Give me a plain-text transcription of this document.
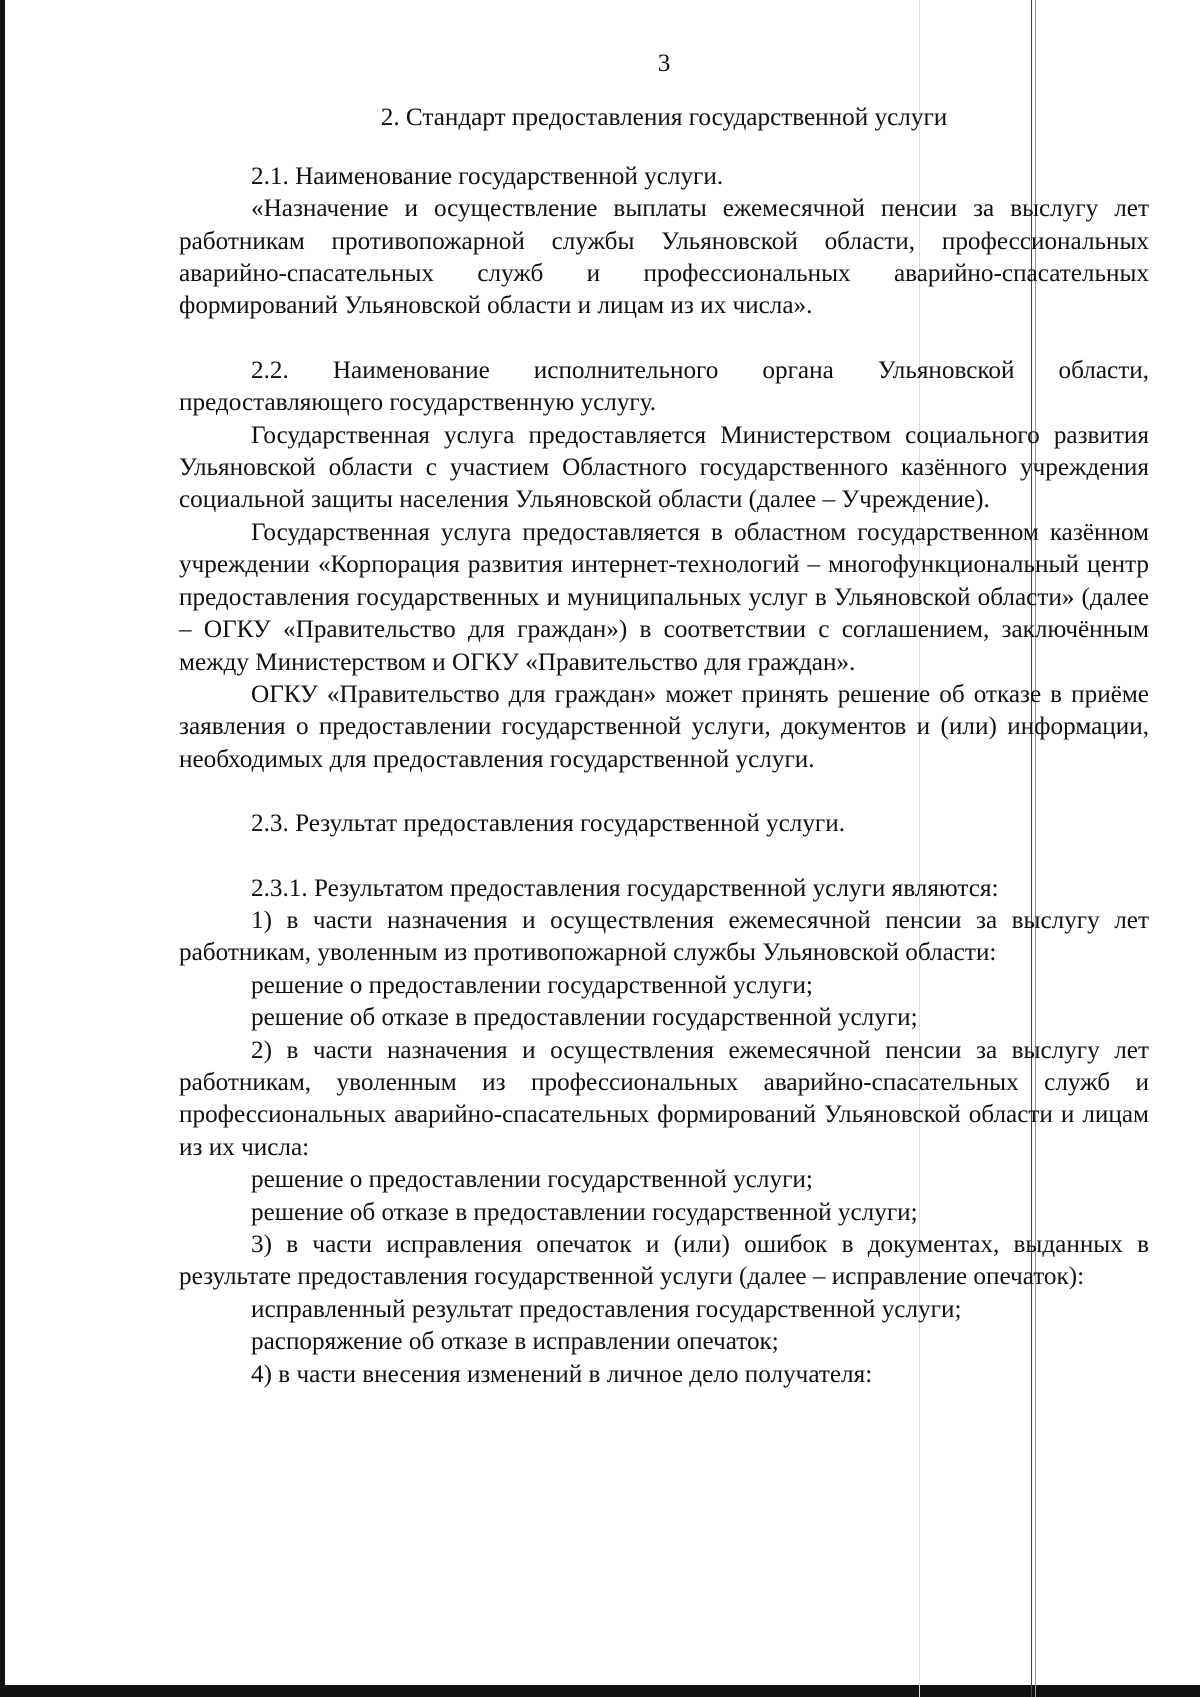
3
2. Стандарт предоставления государственной услуги

2.1. Наименование государственной услуги.

«Назначение и осуществление выплаты ежемесячной пенсии за выслугу лет работникам противопожарной службы Ульяновской области, профессиональных аварийно-спасательных служб и профессиональных аварийно-спасательных формирований Ульяновской области и лицам из их числа».

2.2. Наименование исполнительного органа Ульяновской области, предоставляющего государственную услугу.

Государственная услуга предоставляется Министерством социального развития Ульяновской области с участием Областного государственного казённого учреждения социальной защиты населения Ульяновской области (далее – Учреждение).

Государственная услуга предоставляется в областном государственном казённом учреждении «Корпорация развития интернет-технологий – многофункциональный центр предоставления государственных и муниципальных услуг в Ульяновской области» (далее – ОГКУ «Правительство для граждан») в соответствии с соглашением, заключённым между Министерством и ОГКУ «Правительство для граждан».

ОГКУ «Правительство для граждан» может принять решение об отказе в приёме заявления о предоставлении государственной услуги, документов и (или) информации, необходимых для предоставления государственной услуги.

2.3. Результат предоставления государственной услуги.

2.3.1. Результатом предоставления государственной услуги являются:

1) в части назначения и осуществления ежемесячной пенсии за выслугу лет работникам, уволенным из противопожарной службы Ульяновской области:

решение о предоставлении государственной услуги;

решение об отказе в предоставлении государственной услуги;

2) в части назначения и осуществления ежемесячной пенсии за выслугу лет работникам, уволенным из профессиональных аварийно-спасательных служб и профессиональных аварийно-спасательных формирований Ульяновской области и лицам из их числа:

решение о предоставлении государственной услуги;

решение об отказе в предоставлении государственной услуги;

3) в части исправления опечаток и (или) ошибок в документах, выданных в результате предоставления государственной услуги (далее – исправление опечаток):

исправленный результат предоставления государственной услуги;

распоряжение об отказе в исправлении опечаток;

4) в части внесения изменений в личное дело получателя:
